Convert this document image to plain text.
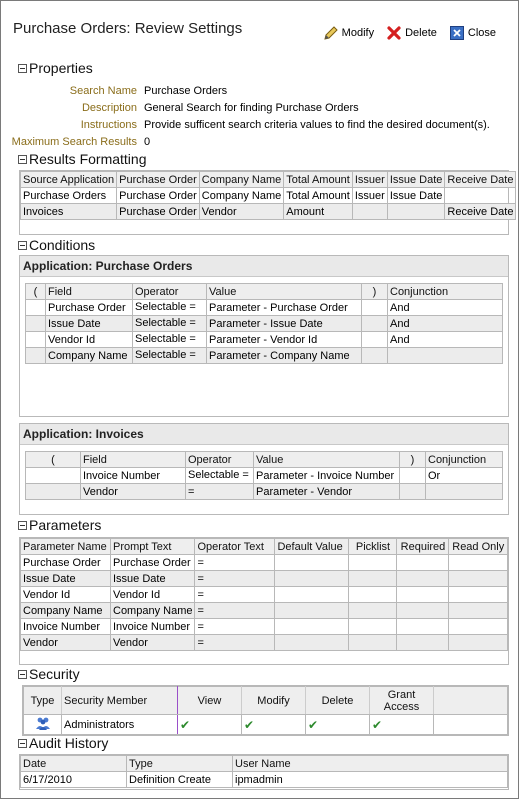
Purchase Orders: Review Settings	Modify	Delete	Close
Properties
Search Name Purchase Orders
Description General Search for finding Purchase Orders
Instructions Provide sufficent search criteria values to find the desired document(s).
Maximum Search Results 0
Results Formatting
Source Application	Purchase Order	Company Name	Total Amount	Issuer	Issue Date	Receive Date
Purchase Orders	Purchase Order	Company Name	Total Amount	Issuer	Issue Date	
Invoices	Purchase Order	Vendor	Amount			Receive Date
Conditions
Application: Purchase Orders
(	Field	Operator	Value	)	Conjunction
	Purchase Order	Selectable =	Parameter - Purchase Order		And
	Issue Date	Selectable =	Parameter - Issue Date		And
	Vendor Id	Selectable =	Parameter - Vendor Id		And
	Company Name	Selectable =	Parameter - Company Name		
Application: Invoices
(	Field	Operator	Value	)	Conjunction
	Invoice Number	Selectable =	Parameter - Invoice Number		Or
	Vendor	=	Parameter - Vendor		
Parameters
Parameter Name	Prompt Text	Operator Text	Default Value	Picklist	Required	Read Only
Purchase Order	Purchase Order	=				
Issue Date	Issue Date	=				
Vendor Id	Vendor Id	=				
Company Name	Company Name	=				
Invoice Number	Invoice Number	=				
Vendor	Vendor	=				
Security
Type	Security Member	View	Modify	Delete	Grant Access	
	Administrators	✔	✔	✔	✔	
Audit History
Date	Type	User Name
6/17/2010	Definition Create	ipmadmin
